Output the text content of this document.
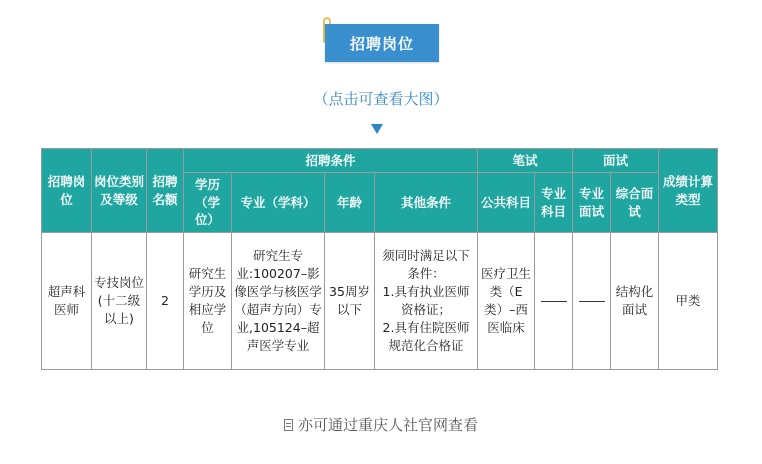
招聘岗位
（点击可查看大图）
招聘岗位	岗位类别及等级	招聘名额	招聘条件				笔试		面试		成绩计算类型
			学历（学位）	专业（学科）	年龄	其他条件	公共科目	专业科目	专业面试	综合面试	
超声科医师	专技岗位(十二级以上)	2	研究生学历及相应学位	研究生专业:100207–影像医学与核医学（超声方向）专业,105124–超声医学专业	35周岁以下	须同时满足以下条件：
1.具有执业医师资格证；
2.具有住院医师规范化合格证	医疗卫生类（E类）–西医临床			结构化面试	甲类
亦可通过重庆人社官网查看
